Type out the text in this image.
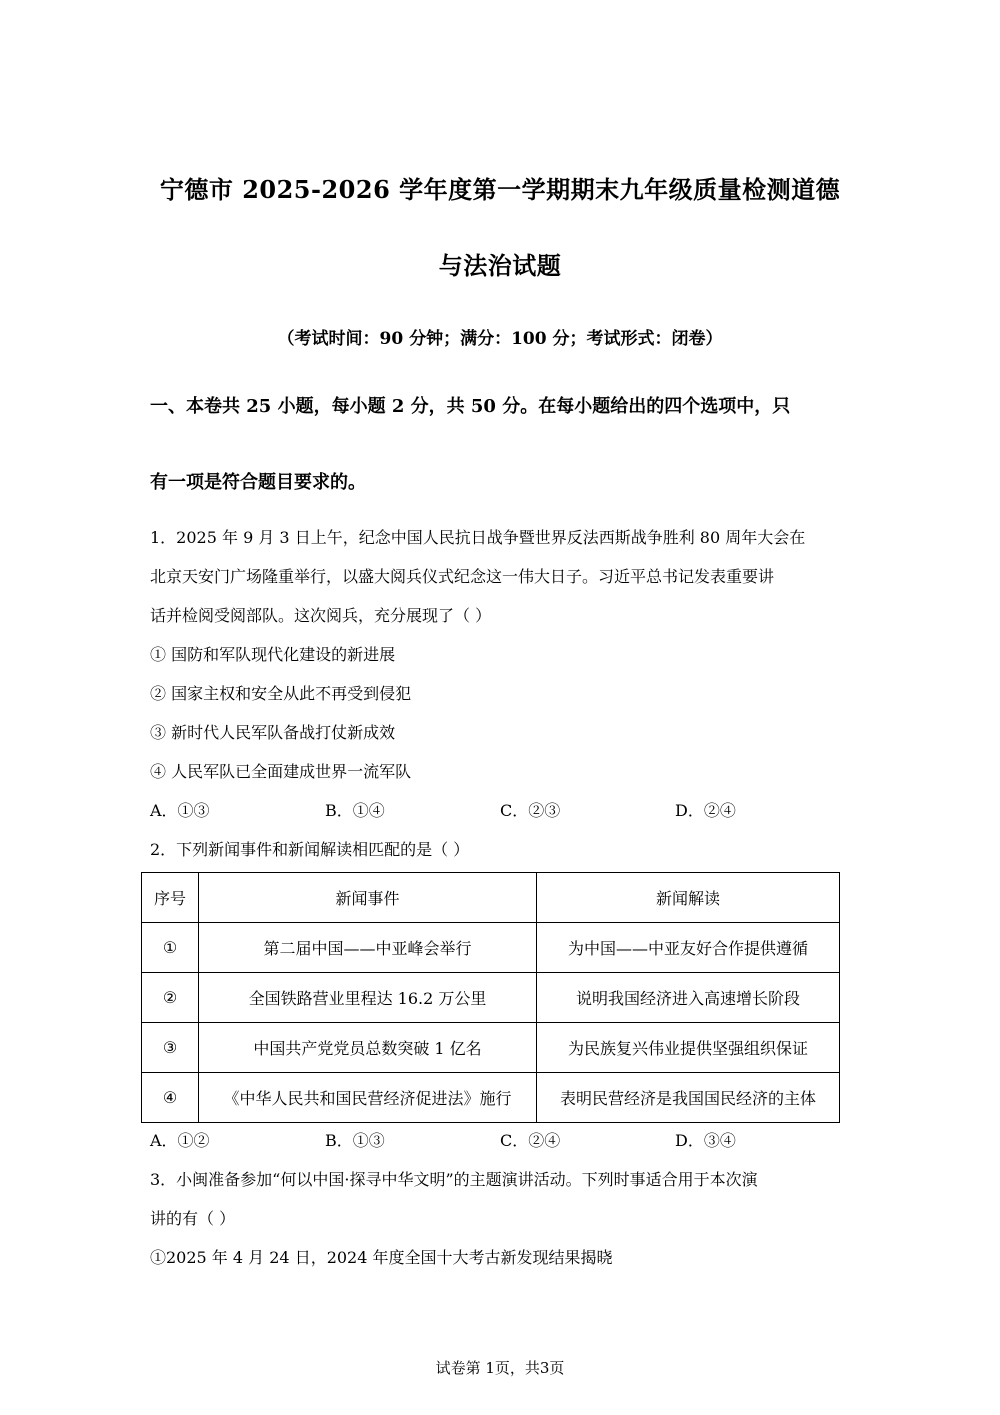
宁德市 2025-2026 学年度第一学期期末九年级质量检测道德
与法治试题
（考试时间：90 分钟；满分：100 分；考试形式：闭卷）
一、本卷共 25 小题，每小题 2 分，共 50 分。在每小题给出的四个选项中，只
有一项是符合题目要求的。
1．2025 年 9 月 3 日上午，纪念中国人民抗日战争暨世界反法西斯战争胜利 80 周年大会在
北京天安门广场隆重举行，以盛大阅兵仪式纪念这一伟大日子。习近平总书记发表重要讲
话并检阅受阅部队。这次阅兵，充分展现了（ ）
① 国防和军队现代化建设的新进展
② 国家主权和安全从此不再受到侵犯
③ 新时代人民军队备战打仗新成效
④ 人民军队已全面建成世界一流军队
A．①③	B．①④	C．②③	D．②④
2．下列新闻事件和新闻解读相匹配的是（ ）
序号	新闻事件	新闻解读
①	第二届中国——中亚峰会举行	为中国——中亚友好合作提供遵循
②	全国铁路营业里程达 16.2 万公里	说明我国经济进入高速增长阶段
③	中国共产党党员总数突破 1 亿名	为民族复兴伟业提供坚强组织保证
④	《中华人民共和国民营经济促进法》施行	表明民营经济是我国国民经济的主体
A．①②	B．①③	C．②④	D．③④
3．小闽准备参加“何以中国·探寻中华文明”的主题演讲活动。下列时事适合用于本次演
讲的有（ ）
①2025 年 4 月 24 日，2024 年度全国十大考古新发现结果揭晓
试卷第 1页，共3页
